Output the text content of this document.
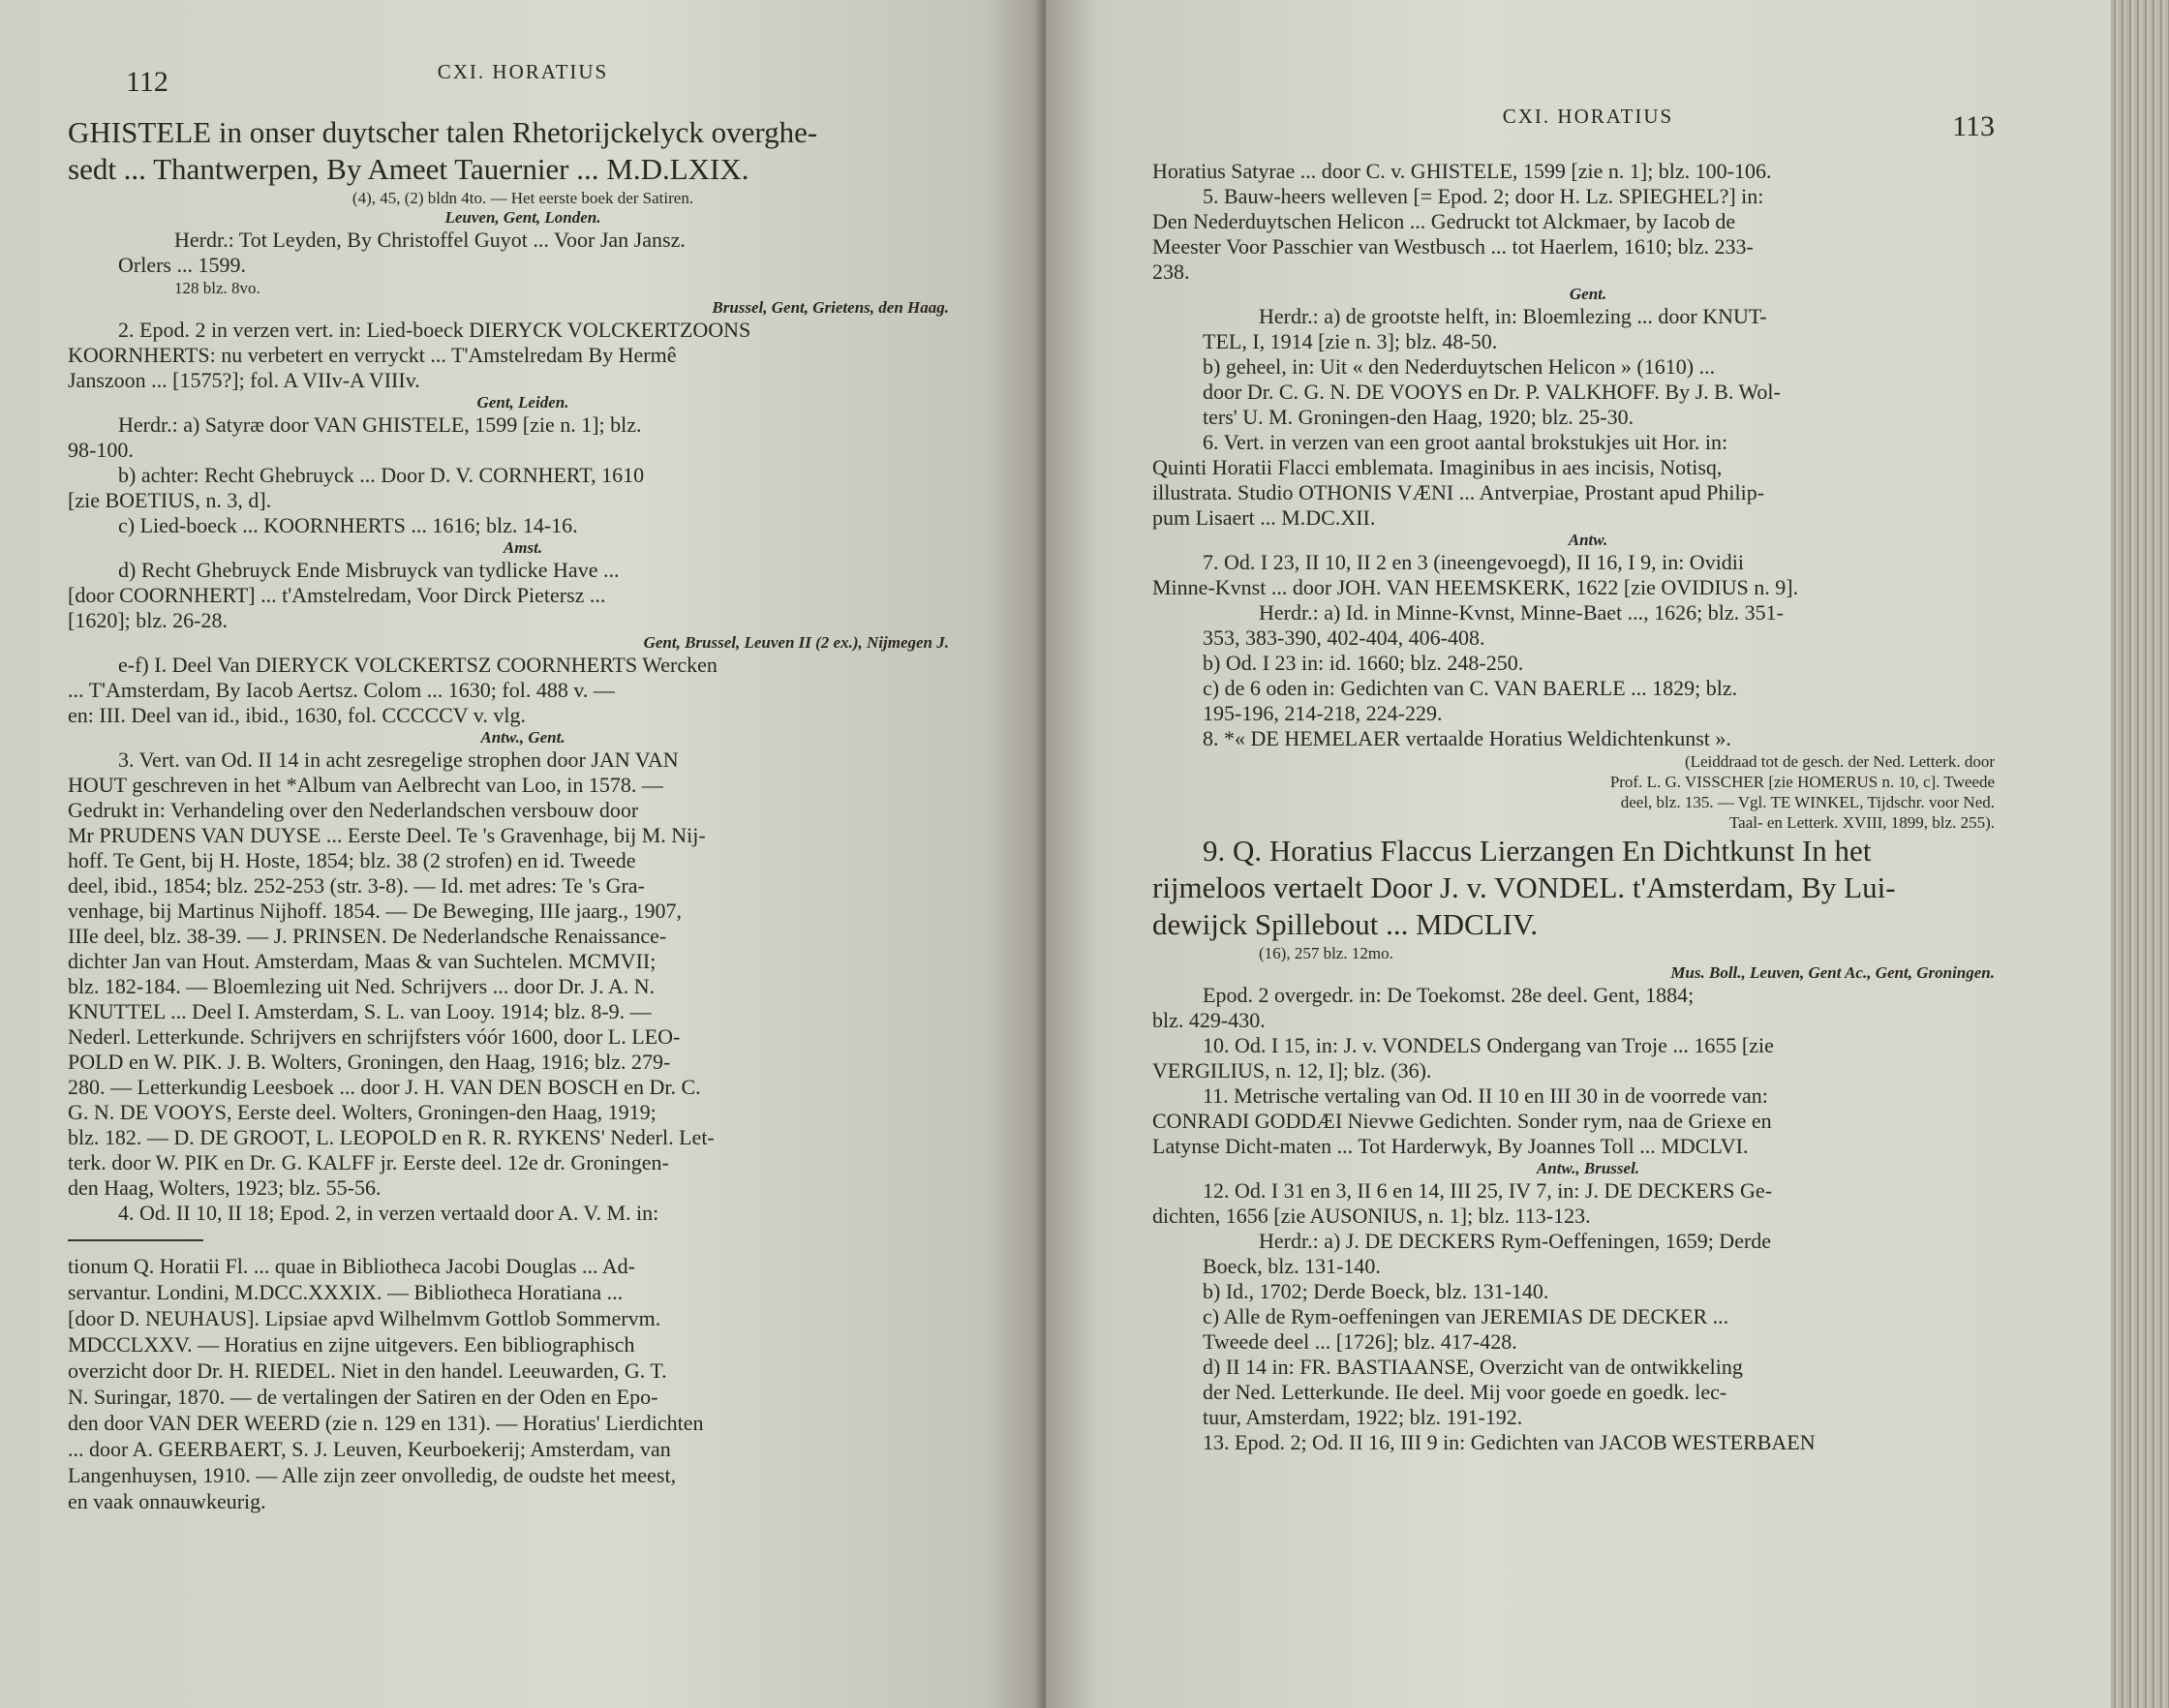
112	CXI. HORATIUS
GHISTELE in onser duytscher talen Rhetorijckelyck overghe-
sedt ... Thantwerpen, By Ameet Tauernier ... M.D.LXIX.
(4), 45, (2) bldn 4to. — Het eerste boek der Satiren.
Leuven, Gent, Londen.
Herdr.: Tot Leyden, By Christoffel Guyot ... Voor Jan Jansz.
Orlers ... 1599.
128 blz. 8vo.
Brussel, Gent, Grietens, den Haag.
2. Epod. 2 in verzen vert. in: Lied-boeck DIERYCK VOLCKERTZOONS
KOORNHERTS: nu verbetert en verryckt ... T'Amstelredam By Hermê
Janszoon ... [1575?]; fol. A VIIv-A VIIIv.
Gent, Leiden.
Herdr.: a) Satyræ door VAN GHISTELE, 1599 [zie n. 1]; blz.
98-100.
b) achter: Recht Ghebruyck ... Door D. V. CORNHERT, 1610
[zie BOETIUS, n. 3, d].
c) Lied-boeck ... KOORNHERTS ... 1616; blz. 14-16.
Amst.
d) Recht Ghebruyck Ende Misbruyck van tydlicke Have ...
[door COORNHERT] ... t'Amstelredam, Voor Dirck Pietersz ...
[1620]; blz. 26-28.
Gent, Brussel, Leuven II (2 ex.), Nijmegen J.
e-f) I. Deel Van DIERYCK VOLCKERTSZ COORNHERTS Wercken
... T'Amsterdam, By Iacob Aertsz. Colom ... 1630; fol. 488 v. —
en: III. Deel van id., ibid., 1630, fol. CCCCCV v. vlg.
Antw., Gent.
3. Vert. van Od. II 14 in acht zesregelige strophen door JAN VAN
HOUT geschreven in het *Album van Aelbrecht van Loo, in 1578. —
Gedrukt in: Verhandeling over den Nederlandschen versbouw door
Mr PRUDENS VAN DUYSE ... Eerste Deel. Te 's Gravenhage, bij M. Nij-
hoff. Te Gent, bij H. Hoste, 1854; blz. 38 (2 strofen) en id. Tweede
deel, ibid., 1854; blz. 252-253 (str. 3-8). — Id. met adres: Te 's Gra-
venhage, bij Martinus Nijhoff. 1854. — De Beweging, IIIe jaarg., 1907,
IIIe deel, blz. 38-39. — J. PRINSEN. De Nederlandsche Renaissance-
dichter Jan van Hout. Amsterdam, Maas & van Suchtelen. MCMVII;
blz. 182-184. — Bloemlezing uit Ned. Schrijvers ... door Dr. J. A. N.
KNUTTEL ... Deel I. Amsterdam, S. L. van Looy. 1914; blz. 8-9. —
Nederl. Letterkunde. Schrijvers en schrijfsters vóór 1600, door L. LEO-
POLD en W. PIK. J. B. Wolters, Groningen, den Haag, 1916; blz. 279-
280. — Letterkundig Leesboek ... door J. H. VAN DEN BOSCH en Dr. C.
G. N. DE VOOYS, Eerste deel. Wolters, Groningen-den Haag, 1919;
blz. 182. — D. DE GROOT, L. LEOPOLD en R. R. RYKENS' Nederl. Let-
terk. door W. PIK en Dr. G. KALFF jr. Eerste deel. 12e dr. Groningen-
den Haag, Wolters, 1923; blz. 55-56.
4. Od. II 10, II 18; Epod. 2, in verzen vertaald door A. V. M. in:
tionum Q. Horatii Fl. ... quae in Bibliotheca Jacobi Douglas ... Ad-
servantur. Londini, M.DCC.XXXIX. — Bibliotheca Horatiana ...
[door D. NEUHAUS]. Lipsiae apvd Wilhelmvm Gottlob Sommervm.
MDCCLXXV. — Horatius en zijne uitgevers. Een bibliographisch
overzicht door Dr. H. RIEDEL. Niet in den handel. Leeuwarden, G. T.
N. Suringar, 1870. — de vertalingen der Satiren en der Oden en Epo-
den door VAN DER WEERD (zie n. 129 en 131). — Horatius' Lierdichten
... door A. GEERBAERT, S. J. Leuven, Keurboekerij; Amsterdam, van
Langenhuysen, 1910. — Alle zijn zeer onvolledig, de oudste het meest,
en vaak onnauwkeurig.
CXI. HORATIUS	113
Horatius Satyrae ... door C. v. GHISTELE, 1599 [zie n. 1]; blz. 100-106.
5. Bauw-heers welleven [= Epod. 2; door H. Lz. SPIEGHEL?] in:
Den Nederduytschen Helicon ... Gedruckt tot Alckmaer, by Iacob de
Meester Voor Passchier van Westbusch ... tot Haerlem, 1610; blz. 233-
238.
Gent.
Herdr.: a) de grootste helft, in: Bloemlezing ... door KNUT-
TEL, I, 1914 [zie n. 3]; blz. 48-50.
b) geheel, in: Uit « den Nederduytschen Helicon » (1610) ...
door Dr. C. G. N. DE VOOYS en Dr. P. VALKHOFF. By J. B. Wol-
ters' U. M. Groningen-den Haag, 1920; blz. 25-30.
6. Vert. in verzen van een groot aantal brokstukjes uit Hor. in:
Quinti Horatii Flacci emblemata. Imaginibus in aes incisis, Notisq,
illustrata. Studio OTHONIS VÆNI ... Antverpiae, Prostant apud Philip-
pum Lisaert ... M.DC.XII.
Antw.
7. Od. I 23, II 10, II 2 en 3 (ineengevoegd), II 16, I 9, in: Ovidii
Minne-Kvnst ... door JOH. VAN HEEMSKERK, 1622 [zie OVIDIUS n. 9].
Herdr.: a) Id. in Minne-Kvnst, Minne-Baet ..., 1626; blz. 351-
353, 383-390, 402-404, 406-408.
b) Od. I 23 in: id. 1660; blz. 248-250.
c) de 6 oden in: Gedichten van C. VAN BAERLE ... 1829; blz.
195-196, 214-218, 224-229.
8. *« DE HEMELAER vertaalde Horatius Weldichtenkunst ».
(Leiddraad tot de gesch. der Ned. Letterk. door
Prof. L. G. VISSCHER [zie HOMERUS n. 10, c]. Tweede
deel, blz. 135. — Vgl. TE WINKEL, Tijdschr. voor Ned.
Taal- en Letterk. XVIII, 1899, blz. 255).
9. Q. Horatius Flaccus Lierzangen En Dichtkunst In het
rijmeloos vertaelt Door J. v. VONDEL. t'Amsterdam, By Lui-
dewijck Spillebout ... MDCLIV.
(16), 257 blz. 12mo.
Mus. Boll., Leuven, Gent Ac., Gent, Groningen.
Epod. 2 overgedr. in: De Toekomst. 28e deel. Gent, 1884;
blz. 429-430.
10. Od. I 15, in: J. v. VONDELS Ondergang van Troje ... 1655 [zie
VERGILIUS, n. 12, I]; blz. (36).
11. Metrische vertaling van Od. II 10 en III 30 in de voorrede van:
CONRADI GODDÆI Nievwe Gedichten. Sonder rym, naa de Griexe en
Latynse Dicht-maten ... Tot Harderwyk, By Joannes Toll ... MDCLVI.
Antw., Brussel.
12. Od. I 31 en 3, II 6 en 14, III 25, IV 7, in: J. DE DECKERS Ge-
dichten, 1656 [zie AUSONIUS, n. 1]; blz. 113-123.
Herdr.: a) J. DE DECKERS Rym-Oeffeningen, 1659; Derde
Boeck, blz. 131-140.
b) Id., 1702; Derde Boeck, blz. 131-140.
c) Alle de Rym-oeffeningen van JEREMIAS DE DECKER ...
Tweede deel ... [1726]; blz. 417-428.
d) II 14 in: FR. BASTIAANSE, Overzicht van de ontwikkeling
der Ned. Letterkunde. IIe deel. Mij voor goede en goedk. lec-
tuur, Amsterdam, 1922; blz. 191-192.
13. Epod. 2; Od. II 16, III 9 in: Gedichten van JACOB WESTERBAEN
